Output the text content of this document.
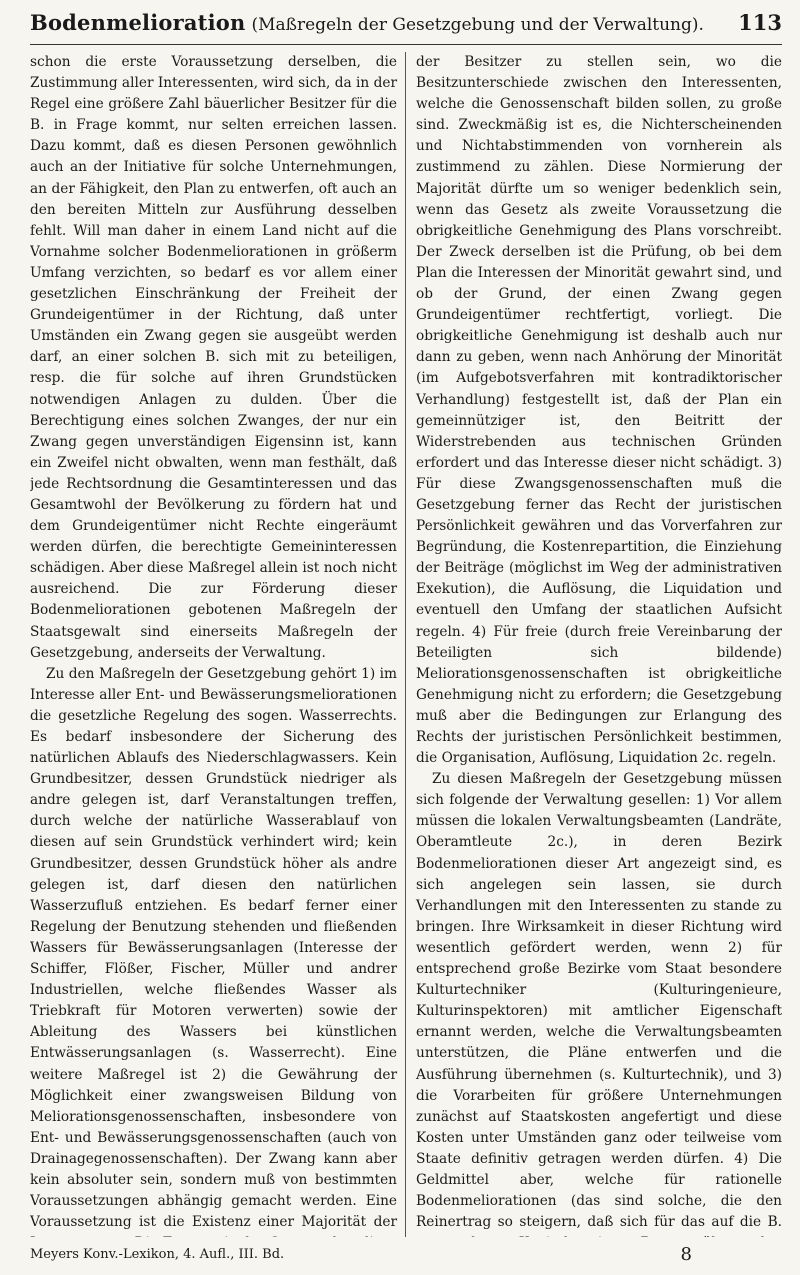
Bodenmelioration (Maßregeln der Gesetzgebung und der Verwaltung). 113

schon die erste Voraussetzung derselben, die Zustimmung aller Interessenten, wird sich, da in der Regel eine größere Zahl bäuerlicher Besitzer für die B. in Frage kommt, nur selten erreichen lassen. Dazu kommt, daß es diesen Personen gewöhnlich auch an der Initiative für solche Unternehmungen, an der Fähigkeit, den Plan zu entwerfen, oft auch an den bereiten Mitteln zur Ausführung desselben fehlt. Will man daher in einem Land nicht auf die Vornahme solcher Bodenmeliorationen in größerm Umfang verzichten, so bedarf es vor allem einer gesetzlichen Einschränkung der Freiheit der Grundeigentümer in der Richtung, daß unter Umständen ein Zwang gegen sie ausgeübt werden darf, an einer solchen B. sich mit zu beteiligen, resp. die für solche auf ihren Grundstücken notwendigen Anlagen zu dulden. Über die Berechtigung eines solchen Zwanges, der nur ein Zwang gegen unverständigen Eigensinn ist, kann ein Zweifel nicht obwalten, wenn man festhält, daß jede Rechtsordnung die Gesamtinteressen und das Gesamtwohl der Bevölkerung zu fördern hat und dem Grundeigentümer nicht Rechte eingeräumt werden dürfen, die berechtigte Gemeininteressen schädigen. Aber diese Maßregel allein ist noch nicht ausreichend. Die zur Förderung dieser Bodenmeliorationen gebotenen Maßregeln der Staatsgewalt sind einerseits Maßregeln der Gesetzgebung, anderseits der Verwaltung.

Zu den Maßregeln der Gesetzgebung gehört 1) im Interesse aller Ent- und Bewässerungsmeliorationen die gesetzliche Regelung des sogen. Wasserrechts. Es bedarf insbesondere der Sicherung des natürlichen Ablaufs des Niederschlagwassers. Kein Grundbesitzer, dessen Grundstück niedriger als andre gelegen ist, darf Veranstaltungen treffen, durch welche der natürliche Wasserablauf von diesen auf sein Grundstück verhindert wird; kein Grundbesitzer, dessen Grundstück höher als andre gelegen ist, darf diesen den natürlichen Wasserzufluß entziehen. Es bedarf ferner einer Regelung der Benutzung stehenden und fließenden Wassers für Bewässerungsanlagen (Interesse der Schiffer, Flößer, Fischer, Müller und andrer Industriellen, welche fließendes Wasser als Triebkraft für Motoren verwerten) sowie der Ableitung des Wassers bei künstlichen Entwässerungsanlagen (s. Wasserrecht). Eine weitere Maßregel ist 2) die Gewährung der Möglichkeit einer zwangsweisen Bildung von Meliorationsgenossenschaften, insbesondere von Ent- und Bewässerungsgenossenschaften (auch von Drainagegenossenschaften). Der Zwang kann aber kein absoluter sein, sondern muß von bestimmten Voraussetzungen abhängig gemacht werden. Eine Voraussetzung ist die Existenz einer Majorität der

der Besitzer zu stellen sein, wo die Besitzunterschiede zwischen den Interessenten, welche die Genossenschaft bilden sollen, zu große sind. Zweckmäßig ist es, die Nichterscheinenden und Nichtabstimmenden von vornherein als zustimmend zu zählen. Diese Normierung der Majorität dürfte um so weniger bedenklich sein, wenn das Gesetz als zweite Voraussetzung die obrigkeitliche Genehmigung des Plans vorschreibt. Der Zweck derselben ist die Prüfung, ob bei dem Plan die Interessen der Minorität gewahrt sind, und ob der Grund, der einen Zwang gegen Grundeigentümer rechtfertigt, vorliegt. Die obrigkeitliche Genehmigung ist deshalb auch nur dann zu geben, wenn nach Anhörung der Minorität (im Aufgebotsverfahren mit kontradiktorischer Verhandlung) festgestellt ist, daß der Plan ein gemeinnütziger ist, den Beitritt der Widerstrebenden aus technischen Gründen erfordert und das Interesse dieser nicht schädigt. 3) Für diese Zwangsgenossenschaften muß die Gesetzgebung ferner das Recht der juristischen Persönlichkeit gewähren und das Vorverfahren zur Begründung, die Kostenrepartition, die Einziehung der Beiträge (möglichst im Weg der administrativen Exekution), die Auflösung, die Liquidation und eventuell den Umfang der staatlichen Aufsicht regeln. 4) Für freie (durch freie Vereinbarung der Beteiligten sich bildende) Meliorationsgenossenschaften ist obrigkeitliche Genehmigung nicht zu erfordern; die Gesetzgebung muß aber die Bedingungen zur Erlangung des Rechts der juristischen Persönlichkeit bestimmen, die Organisation, Auflösung, Liquidation 2c. regeln.

Zu diesen Maßregeln der Gesetzgebung müssen sich folgende der Verwaltung gesellen: 1) Vor allem müssen die lokalen Verwaltungsbeamten (Landräte, Oberamtleute 2c.), in deren Bezirk Bodenmeliorationen dieser Art angezeigt sind, es sich angelegen sein lassen, sie durch Verhandlungen mit den Interessenten zu stande zu bringen. Ihre Wirksamkeit in dieser Richtung wird wesentlich gefördert werden, wenn 2) für entsprechend große Bezirke vom Staat besondere Kulturtechniker (Kulturingenieure, Kulturinspektoren) mit amtlicher Eigenschaft ernannt werden, welche die Verwaltungsbeamten unterstützen, die Pläne entwerfen und die Ausführung übernehmen (s. Kulturtechnik), und 3) die Vorarbeiten für größere Unternehmungen zunächst auf Staatskosten angefertigt und diese Kosten unter Umständen ganz oder teilweise vom Staate definitiv getragen werden dürfen. 4) Die Geldmittel aber, welche für rationelle Bodenmeliorationen (das sind solche, die den Reinertrag so steigern, daß sich für das auf die B.

Meyers Konv.-Lexikon, 4. Aufl., III. Bd.	8
